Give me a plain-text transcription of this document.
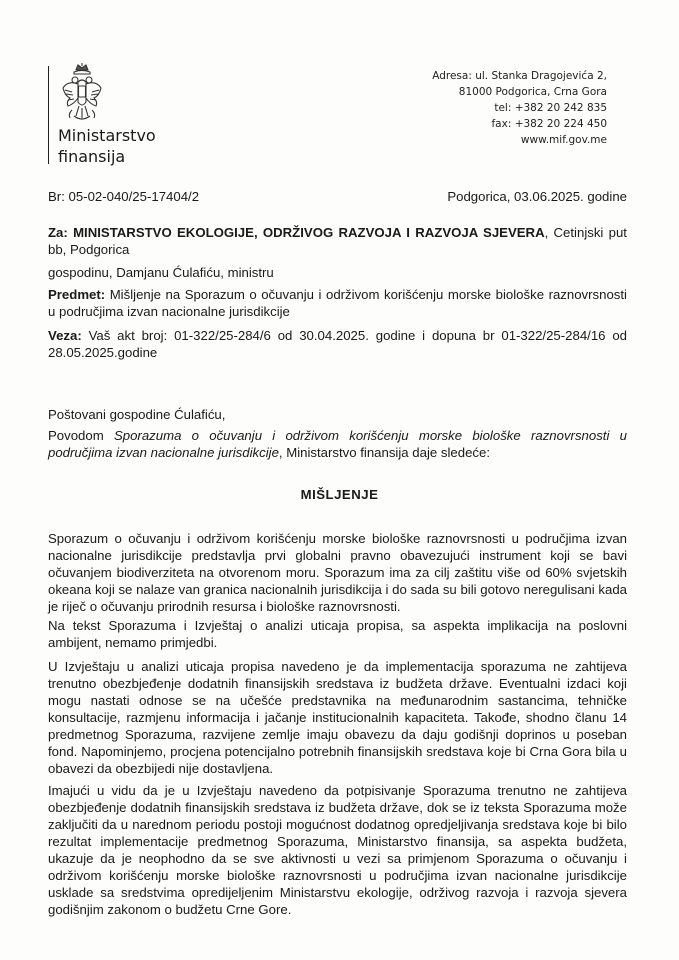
Ministarstvo
finansija
Adresa: ul. Stanka Dragojevića 2,
81000 Podgorica, Crna Gora
tel: +382 20 242 835
fax: +382 20 224 450
www.mif.gov.me
Br: 05-02-040/25-17404/2	Podgorica, 03.06.2025. godine

Za: MINISTARSTVO EKOLOGIJE, ODRŽIVOG RAZVOJA I RAZVOJA SJEVERA, Cetinjski put bb, Podgorica

gospodinu, Damjanu Ćulafiću, ministru

Predmet: Mišljenje na Sporazum o očuvanju i održivom korišćenju morske biološke raznovrsnosti u područjima izvan nacionalne jurisdikcije

Veza: Vaš akt broj: 01-322/25-284/6 od 30.04.2025. godine i dopuna br 01-322/25-284/16 od 28.05.2025.godine

Poštovani gospodine Ćulafiću,

Povodom Sporazuma o očuvanju i održivom korišćenju morske biološke raznovrsnosti u područjima izvan nacionalne jurisdikcije, Ministarstvo finansija daje sledeće:

MIŠLJENJE

Sporazum o očuvanju i održivom korišćenju morske biološke raznovrsnosti u područjima izvan nacionalne jurisdikcije predstavlja prvi globalni pravno obavezujući instrument koji se bavi očuvanjem biodiverziteta na otvorenom moru. Sporazum ima za cilj zaštitu više od 60% svjetskih okeana koji se nalaze van granica nacionalnih jurisdikcija i do sada su bili gotovo neregulisani kada je riječ o očuvanju prirodnih resursa i biološke raznovrsnosti.

Na tekst Sporazuma i Izvještaj o analizi uticaja propisa, sa aspekta implikacija na poslovni ambijent, nemamo primjedbi.

U Izvještaju u analizi uticaja propisa navedeno je da implementacija sporazuma ne zahtijeva trenutno obezbjeđenje dodatnih finansijskih sredstava iz budžeta države. Eventualni izdaci koji mogu nastati odnose se na učešće predstavnika na međunarodnim sastancima, tehničke konsultacije, razmjenu informacija i jačanje institucionalnih kapaciteta. Takođe, shodno članu 14 predmetnog Sporazuma, razvijene zemlje imaju obavezu da daju godišnji doprinos u poseban fond. Napominjemo, procjena potencijalno potrebnih finansijskih sredstava koje bi Crna Gora bila u obavezi da obezbijedi nije dostavljena.

Imajući u vidu da je u Izvještaju navedeno da potpisivanje Sporazuma trenutno ne zahtijeva obezbjeđenje dodatnih finansijskih sredstava iz budžeta države, dok se iz teksta Sporazuma može zaključiti da u narednom periodu postoji mogućnost dodatnog opredjeljivanja sredstava koje bi bilo rezultat implementacije predmetnog Sporazuma, Ministarstvo finansija, sa aspekta budžeta, ukazuje da je neophodno da se sve aktivnosti u vezi sa primjenom Sporazuma o očuvanju i održivom korišćenju morske biološke raznovrsnosti u područjima izvan nacionalne jurisdikcije uskladе sa sredstvima opredijeljenim Ministarstvu ekologije, održivog razvoja i razvoja sjevera godišnjim zakonom o budžetu Crne Gore.
